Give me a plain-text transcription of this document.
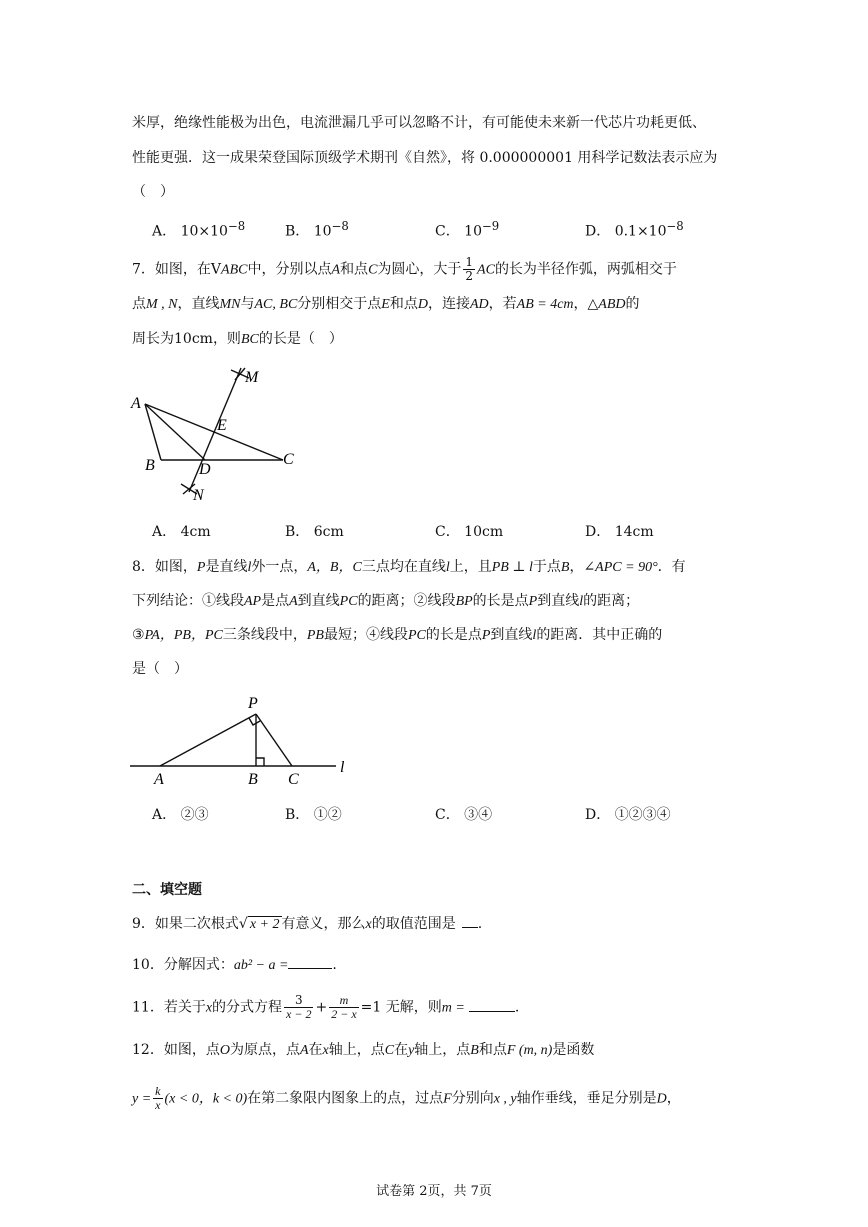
米厚，绝缘性能极为出色，电流泄漏几乎可以忽略不计，有可能使未来新一代芯片功耗更低、
性能更强．这一成果荣登国际顶级学术期刊《自然》，将 0.000000001 用科学记数法表示应为
（　）
A． $10\times 10^{-8}$	B． $10^{-8}$	C． $10^{-9}$	D． $0.1\times 10^{-8}$
7．如图，在VABC中，分别以点A和点C为圆心，大于 $\frac{1}{2}$ AC的长为半径作弧，两弧相交于
点M , N，直线MN与AC, BC分别相交于点E和点D，连接AD，若AB = 4cm，△ABD的
周长为10cm，则BC的长是（　）
A
B	C
D
E
M
N
A． 4cm	B． 6cm	C． 10cm	D． 14cm
8．如图，P是直线l外一点，A，B，C三点均在直线l上，且PB ⊥ l于点B，∠APC = 90°．有
下列结论：①线段AP是点A到直线PC的距离；②线段BP的长是点P到直线l的距离；
③PA，PB，PC三条线段中，PB最短；④线段PC的长是点P到直线l的距离．其中正确的
是（　）
P
A	B C
l
A． ②③	B． ①②	C． ③④	D． ①②③④
二、填空题
9．如果二次根式√ x + 2 有意义，那么x的取值范围是 .
10．分解因式：ab² − a =	.
11．若关于x的分式方程 $\frac{3}{x - 2} + \frac{m}{2 - x} =1$ 无解，则m =	.
12．如图，点O为原点，点A在x轴上，点C在y轴上，点B和点F (m, n)是函数
$y = \frac{k}{x} (x < 0$，k < 0)在第二象限内图象上的点，过点F分别向x , y轴作垂线，垂足分别是D，
试卷第 2页，共 7页
